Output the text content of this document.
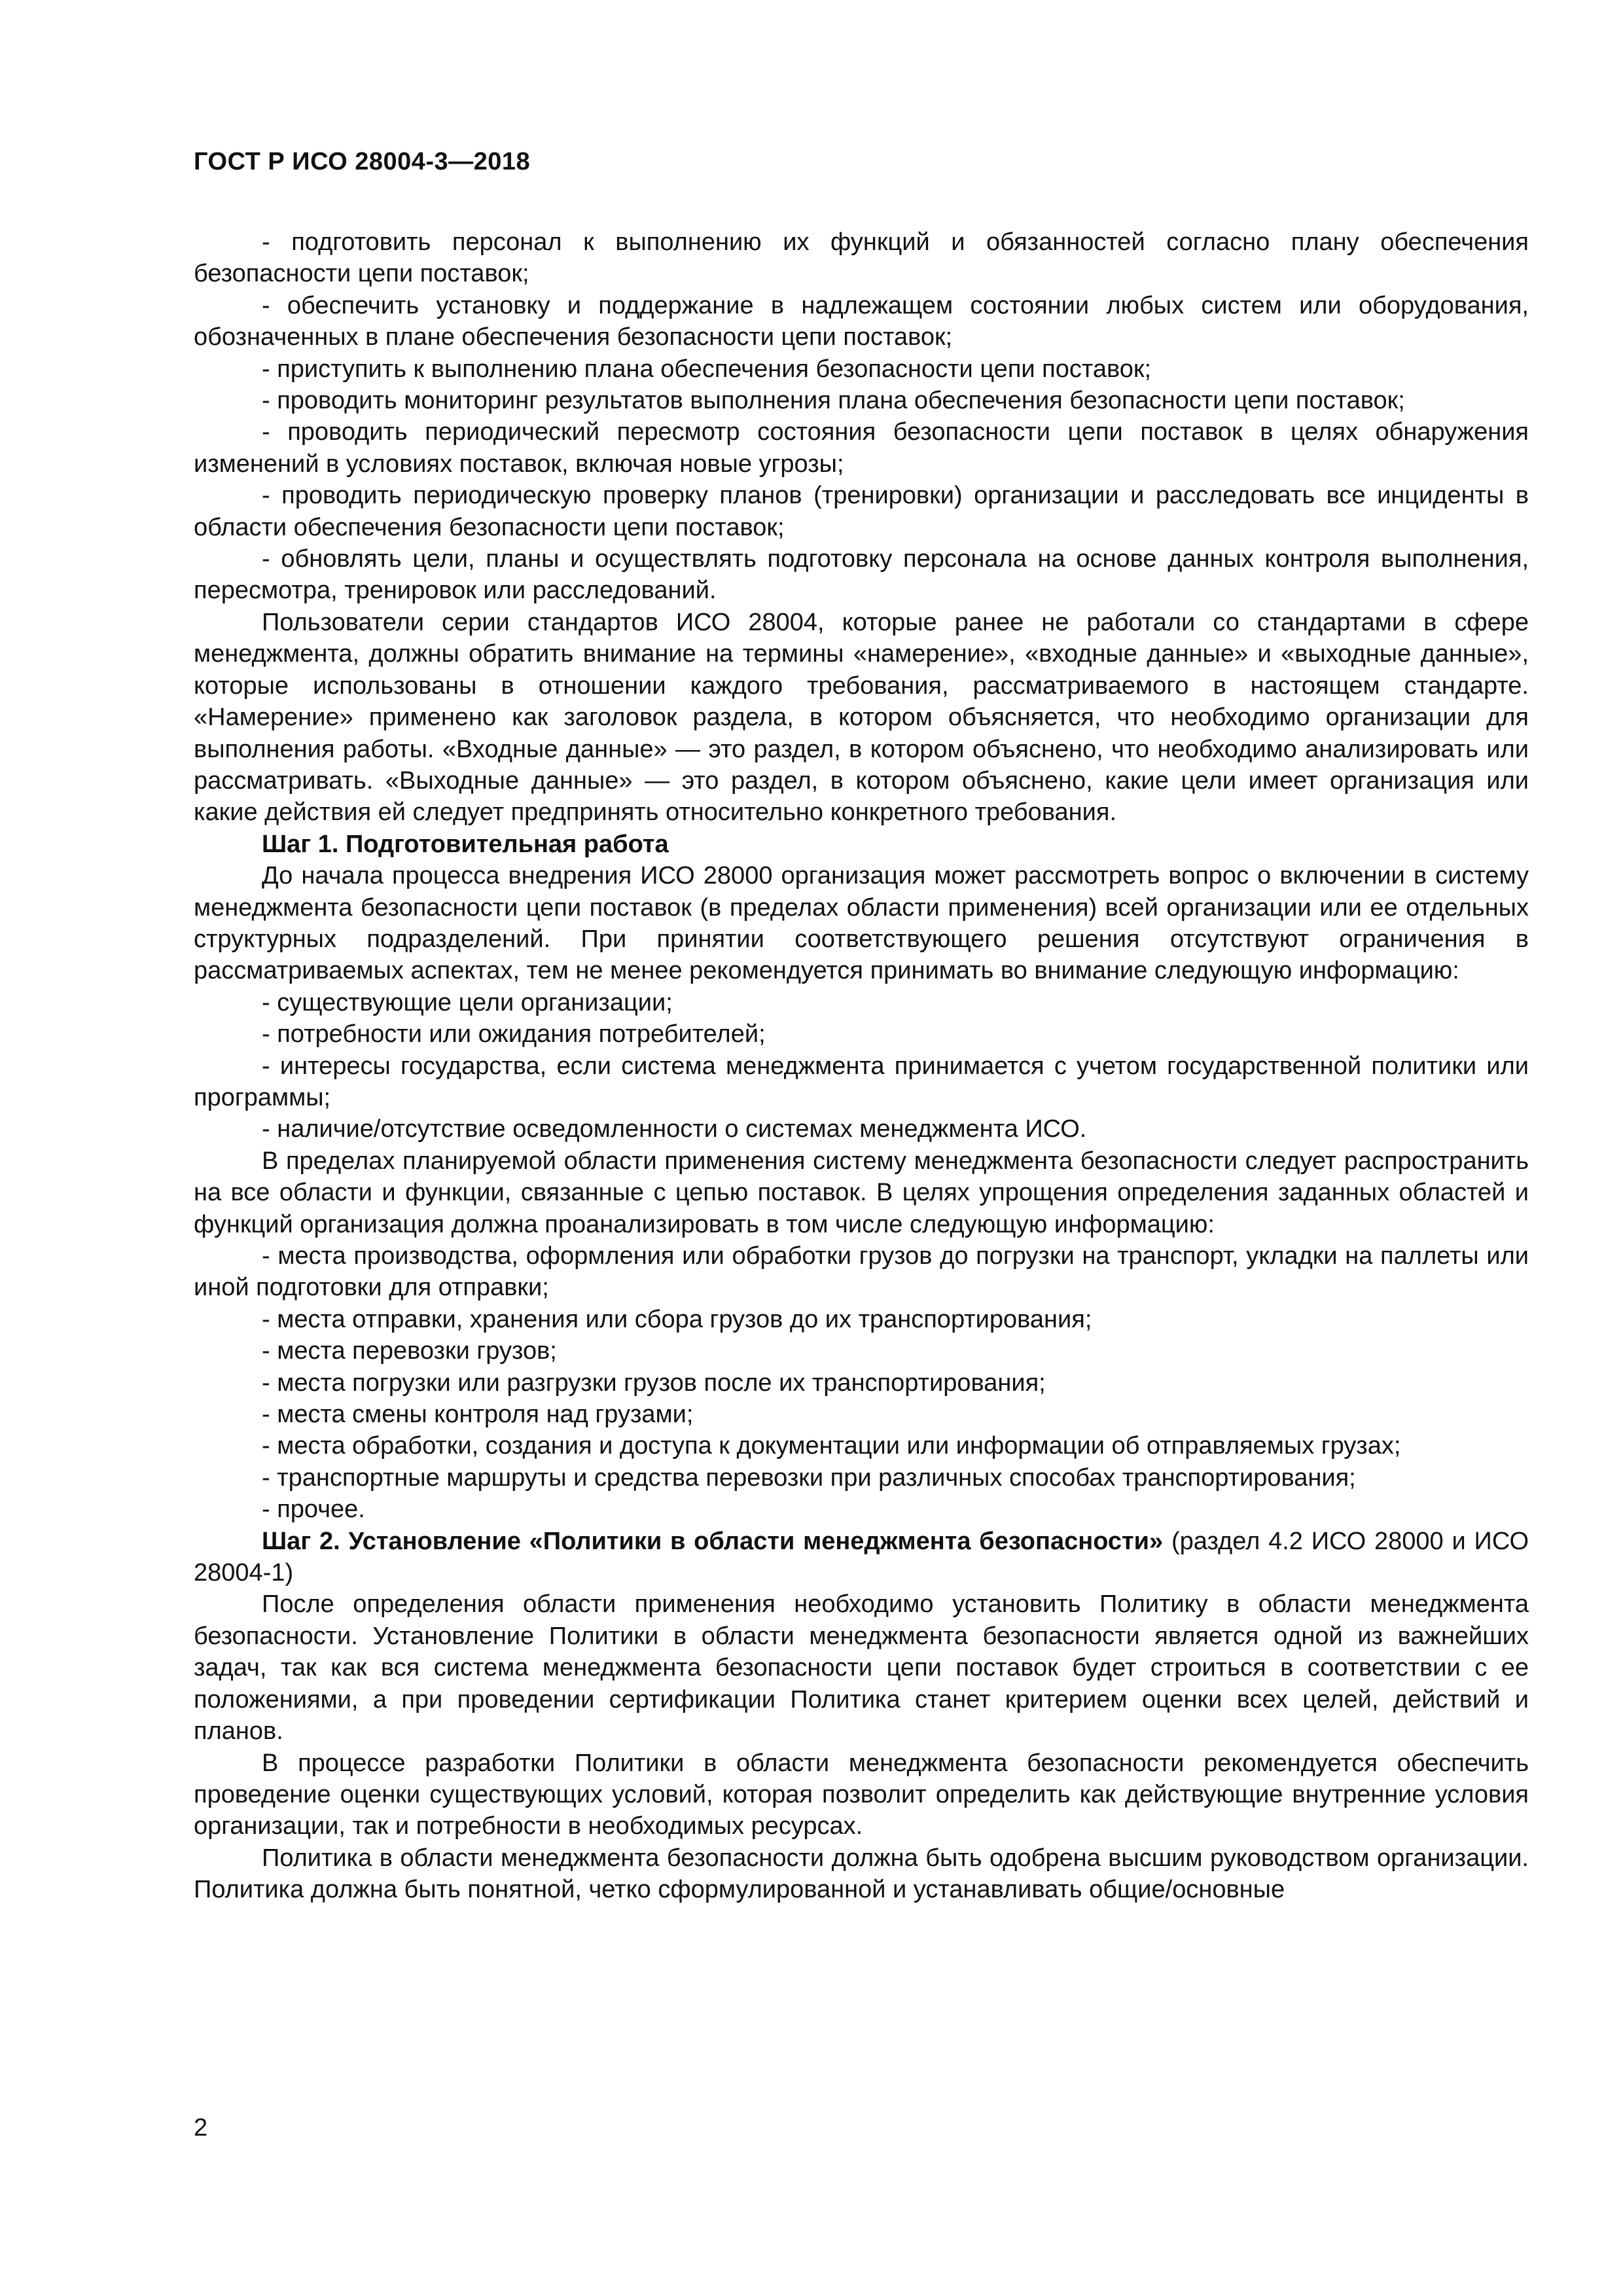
ГОСТ Р ИСО 28004-3—2018

- подготовить персонал к выполнению их функций и обязанностей согласно плану обеспечения безопасности цепи поставок;

- обеспечить установку и поддержание в надлежащем состоянии любых систем или оборудования, обозначенных в плане обеспечения безопасности цепи поставок;

- приступить к выполнению плана обеспечения безопасности цепи поставок;

- проводить мониторинг результатов выполнения плана обеспечения безопасности цепи поставок;

- проводить периодический пересмотр состояния безопасности цепи поставок в целях обнаружения изменений в условиях поставок, включая новые угрозы;

- проводить периодическую проверку планов (тренировки) организации и расследовать все инциденты в области обеспечения безопасности цепи поставок;

- обновлять цели, планы и осуществлять подготовку персонала на основе данных контроля выполнения, пересмотра, тренировок или расследований.

Пользователи серии стандартов ИСО 28004, которые ранее не работали со стандартами в сфере менеджмента, должны обратить внимание на термины «намерение», «входные данные» и «выходные данные», которые использованы в отношении каждого требования, рассматриваемого в настоящем стандарте. «Намерение» применено как заголовок раздела, в котором объясняется, что необходимо организации для выполнения работы. «Входные данные» — это раздел, в котором объяснено, что необходимо анализировать или рассматривать. «Выходные данные» — это раздел, в котором объяснено, какие цели имеет организация или какие действия ей следует предпринять относительно конкретного требования.

Шаг 1. Подготовительная работа

До начала процесса внедрения ИСО 28000 организация может рассмотреть вопрос о включении в систему менеджмента безопасности цепи поставок (в пределах области применения) всей организации или ее отдельных структурных подразделений. При принятии соответствующего решения отсутствуют ограничения в рассматриваемых аспектах, тем не менее рекомендуется принимать во внимание следующую информацию:

- существующие цели организации;

- потребности или ожидания потребителей;

- интересы государства, если система менеджмента принимается с учетом государственной политики или программы;

- наличие/отсутствие осведомленности о системах менеджмента ИСО.

В пределах планируемой области применения систему менеджмента безопасности следует распространить на все области и функции, связанные с цепью поставок. В целях упрощения определения заданных областей и функций организация должна проанализировать в том числе следующую информацию:

- места производства, оформления или обработки грузов до погрузки на транспорт, укладки на паллеты или иной подготовки для отправки;

- места отправки, хранения или сбора грузов до их транспортирования;

- места перевозки грузов;

- места погрузки или разгрузки грузов после их транспортирования;

- места смены контроля над грузами;

- места обработки, создания и доступа к документации или информации об отправляемых грузах;

- транспортные маршруты и средства перевозки при различных способах транспортирования;

- прочее.

Шаг 2. Установление «Политики в области менеджмента безопасности» (раздел 4.2 ИСО 28000 и ИСО 28004-1)

После определения области применения необходимо установить Политику в области менеджмента безопасности. Установление Политики в области менеджмента безопасности является одной из важнейших задач, так как вся система менеджмента безопасности цепи поставок будет строиться в соответствии с ее положениями, а при проведении сертификации Политика станет критерием оценки всех целей, действий и планов.

В процессе разработки Политики в области менеджмента безопасности рекомендуется обеспечить проведение оценки существующих условий, которая позволит определить как действующие внутренние условия организации, так и потребности в необходимых ресурсах.

Политика в области менеджмента безопасности должна быть одобрена высшим руководством организации. Политика должна быть понятной, четко сформулированной и устанавливать общие/основные

2
